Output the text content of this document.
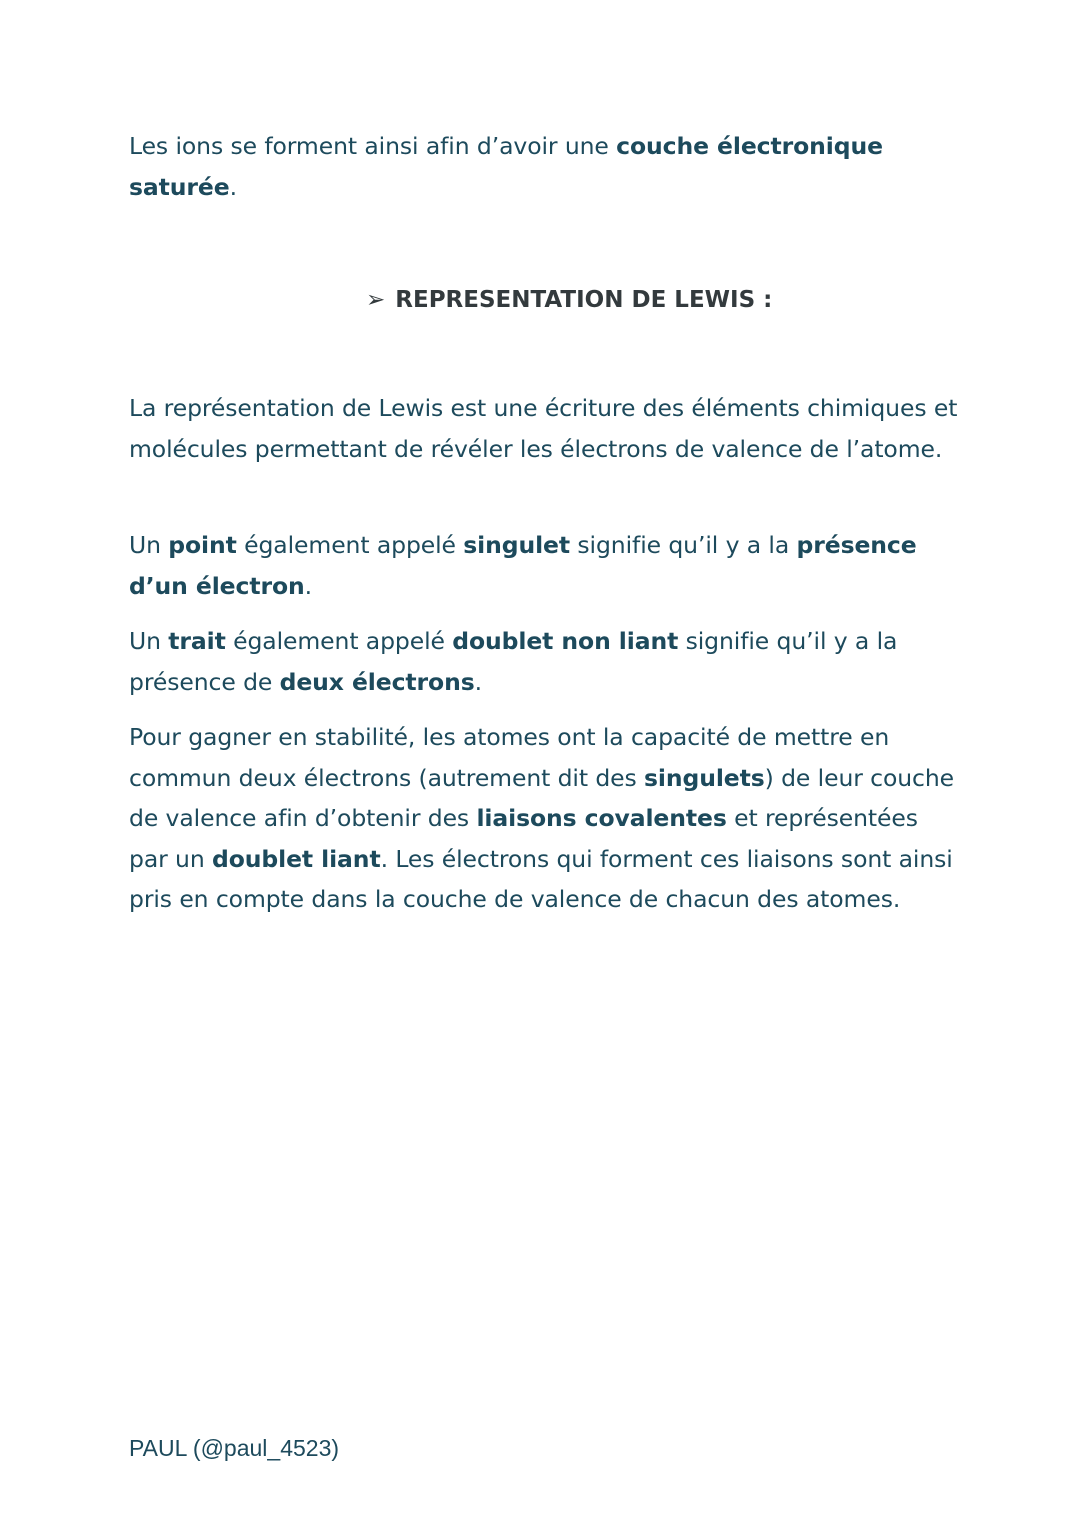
Les ions se forment ainsi afin d’avoir une couche électronique saturée.

➢ REPRESENTATION DE LEWIS :

La représentation de Lewis est une écriture des éléments chimiques et molécules permettant de révéler les électrons de valence de l’atome.

Un point également appelé singulet signifie qu’il y a la présence d’un électron.

Un trait également appelé doublet non liant signifie qu’il y a la présence de deux électrons.

Pour gagner en stabilité, les atomes ont la capacité de mettre en commun deux électrons (autrement dit des singulets) de leur couche de valence afin d’obtenir des liaisons covalentes et représentées par un doublet liant. Les électrons qui forment ces liaisons sont ainsi pris en compte dans la couche de valence de chacun des atomes.

PAUL (@paul_4523)
